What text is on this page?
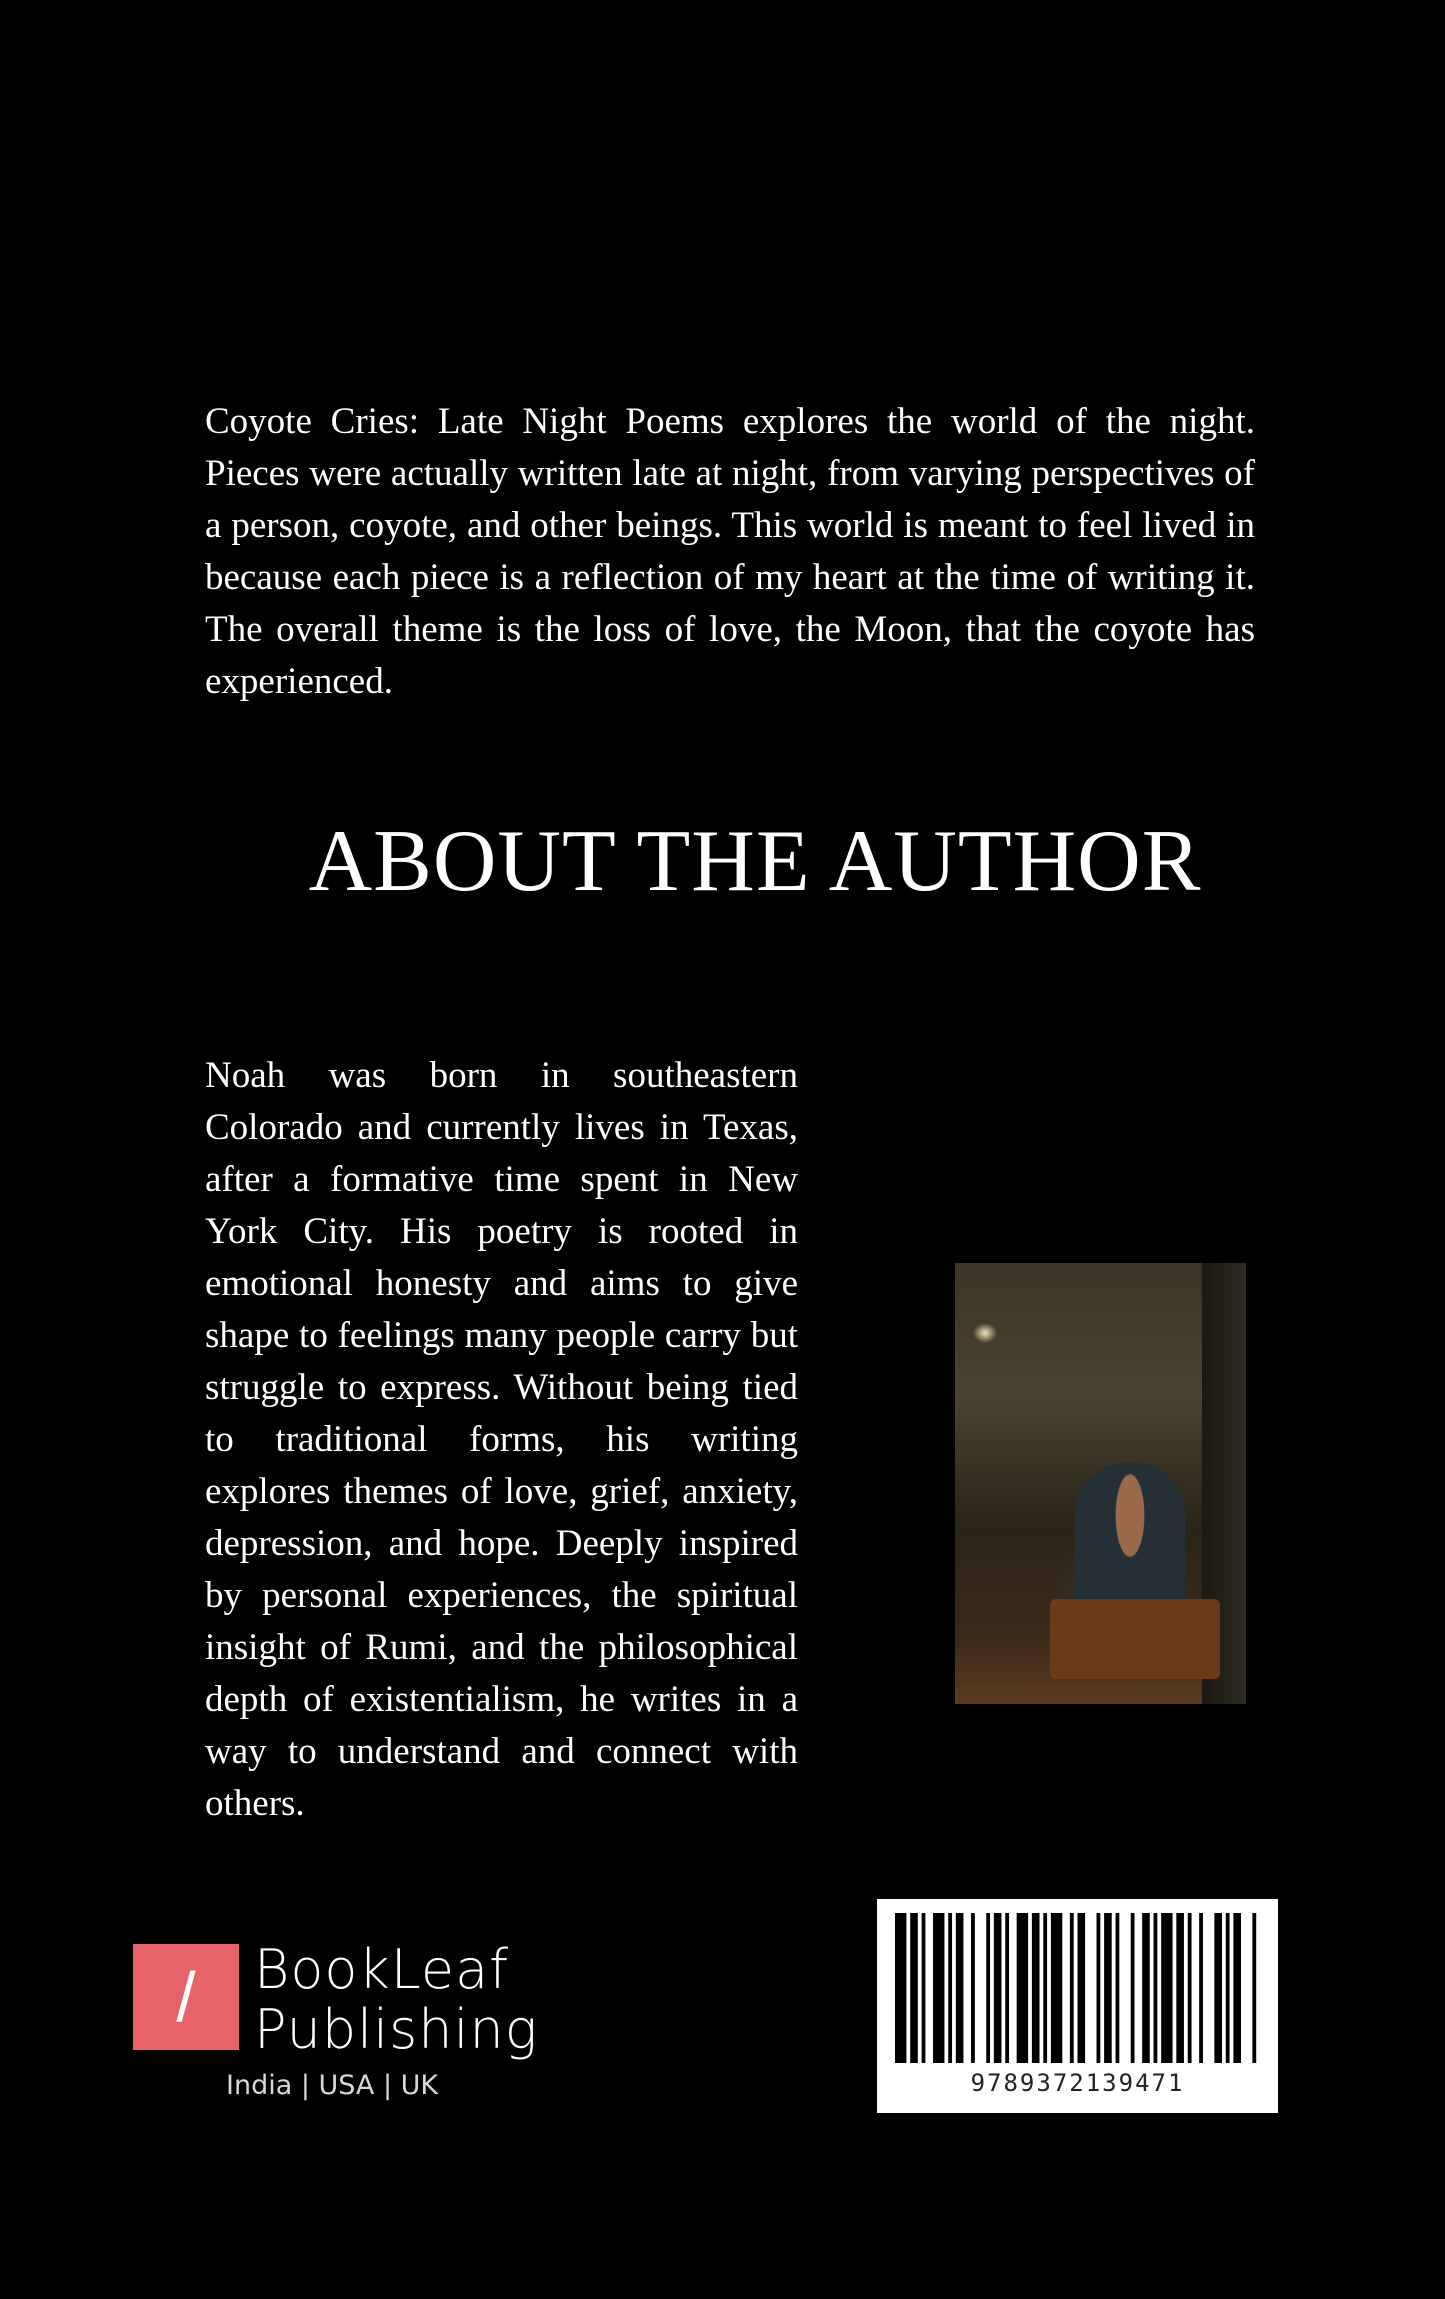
Coyote Cries: Late Night Poems explores the world of the night. Pieces were actually written late at night, from varying perspectives of a person, coyote, and other beings. This world is meant to feel lived in because each piece is a reflection of my heart at the time of writing it. The overall theme is the loss of love, the Moon, that the coyote has experienced.

ABOUT THE AUTHOR

Noah was born in southeastern Colorado and currently lives in Texas, after a formative time spent in New York City. His poetry is rooted in emotional honesty and aims to give shape to feelings many people carry but struggle to express. Without being tied to traditional forms, his writing explores themes of love, grief, anxiety, depression, and hope. Deeply inspired by personal experiences, the spiritual insight of Rumi, and the philosophical depth of existentialism, he writes in a way to understand and connect with others.

/	BookLeaf
Publishing
India | USA | UK	9789372139471
